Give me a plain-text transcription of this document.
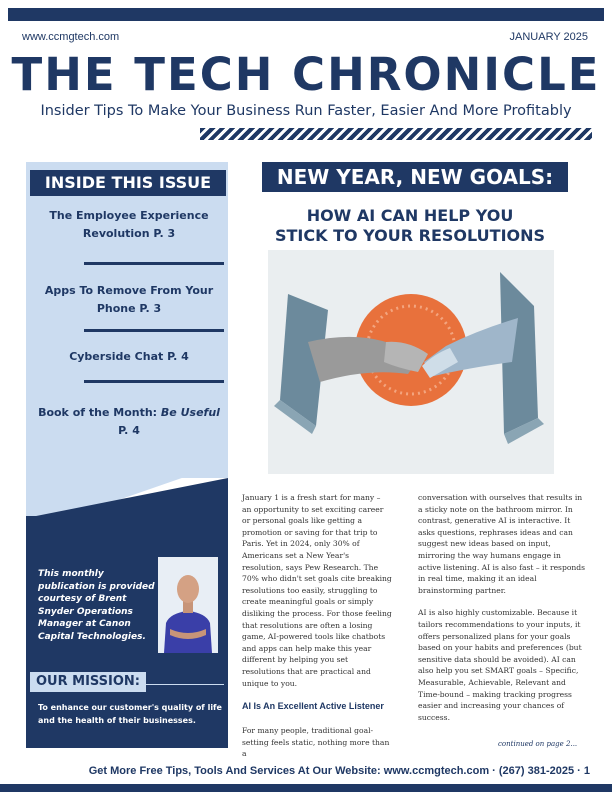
www.ccmgtech.com	JANUARY 2025
THE TECH CHRONICLE
Insider Tips To Make Your Business Run Faster, Easier And More Profitably
INSIDE THIS ISSUE
The Employee Experience Revolution P. 3
Apps To Remove From Your Phone P. 3
Cyberside Chat P. 4
Book of the Month: Be Useful P. 4
This monthly publication is provided courtesy of Brent Snyder Operations Manager at Canon Capital Technologies.
OUR MISSION:
To enhance our customer's quality of life and the health of their businesses.
NEW YEAR, NEW GOALS:
HOW AI CAN HELP YOU
STICK TO YOUR RESOLUTIONS

January 1 is a fresh start for many – an opportunity to set exciting career or personal goals like getting a promotion or saving for that trip to Paris. Yet in 2024, only 30% of Americans set a New Year's resolution, says Pew Research. The 70% who didn't set goals cite breaking resolutions too easily, struggling to create meaningful goals or simply disliking the process. For those feeling that resolutions are often a losing game, AI-powered tools like chatbots and apps can help make this year different by helping you set resolutions that are practical and unique to you.

AI Is An Excellent Active Listener

For many people, traditional goal-setting feels static, nothing more than a

conversation with ourselves that results in a sticky note on the bathroom mirror. In contrast, generative AI is interactive. It asks questions, rephrases ideas and can suggest new ideas based on input, mirroring the way humans engage in active listening. AI is also fast – it responds in real time, making it an ideal brainstorming partner.

AI is also highly customizable. Because it tailors recommendations to your inputs, it offers personalized plans for your goals based on your habits and preferences (but sensitive data should be avoided). AI can also help you set SMART goals – Specific, Measurable, Achievable, Relevant and Time-bound – making tracking progress easier and increasing your chances of success.

continued on page 2...
Get More Free Tips, Tools And Services At Our Website: www.ccmgtech.com · (267) 381-2025 · 1
